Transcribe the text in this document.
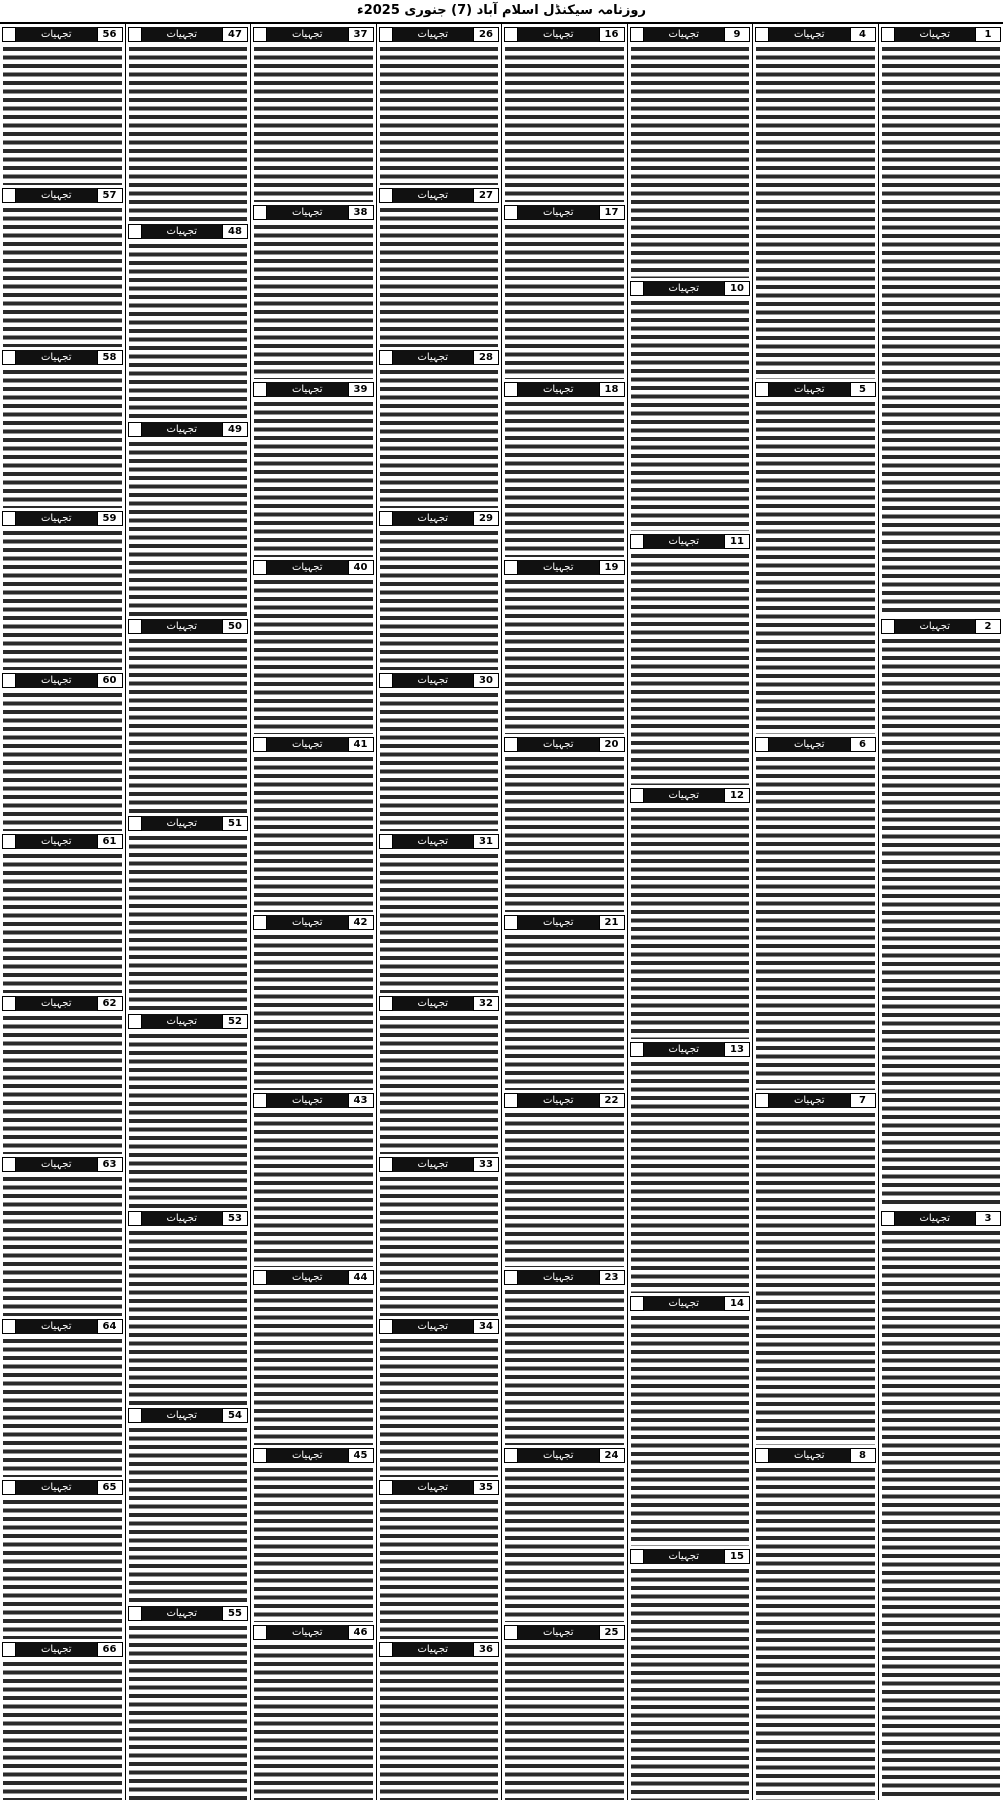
روزنامہ سیکنڈل اسلام آباد (7) جنوری 2025ء
1
تجہیات
2
تجہیات
3
تجہیات
4
تجہیات
5
تجہیات
6
تجہیات
7
تجہیات
8
تجہیات
9
تجہیات
10
تجہیات
11
تجہیات
12
تجہیات
13
تجہیات
14
تجہیات
15
تجہیات
16
تجہیات
17
تجہیات
18
تجہیات
19
تجہیات
20
تجہیات
21
تجہیات
22
تجہیات
23
تجہیات
24
تجہیات
25
تجہیات
26
تجہیات
27
تجہیات
28
تجہیات
29
تجہیات
30
تجہیات
31
تجہیات
32
تجہیات
33
تجہیات
34
تجہیات
35
تجہیات
36
تجہیات
37
تجہیات
38
تجہیات
39
تجہیات
40
تجہیات
41
تجہیات
42
تجہیات
43
تجہیات
44
تجہیات
45
تجہیات
46
تجہیات
47
تجہیات
48
تجہیات
49
تجہیات
50
تجہیات
51
تجہیات
52
تجہیات
53
تجہیات
54
تجہیات
55
تجہیات
56
تجہیات
57
تجہیات
58
تجہیات
59
تجہیات
60
تجہیات
61
تجہیات
62
تجہیات
63
تجہیات
64
تجہیات
65
تجہیات
66
تجہیات
